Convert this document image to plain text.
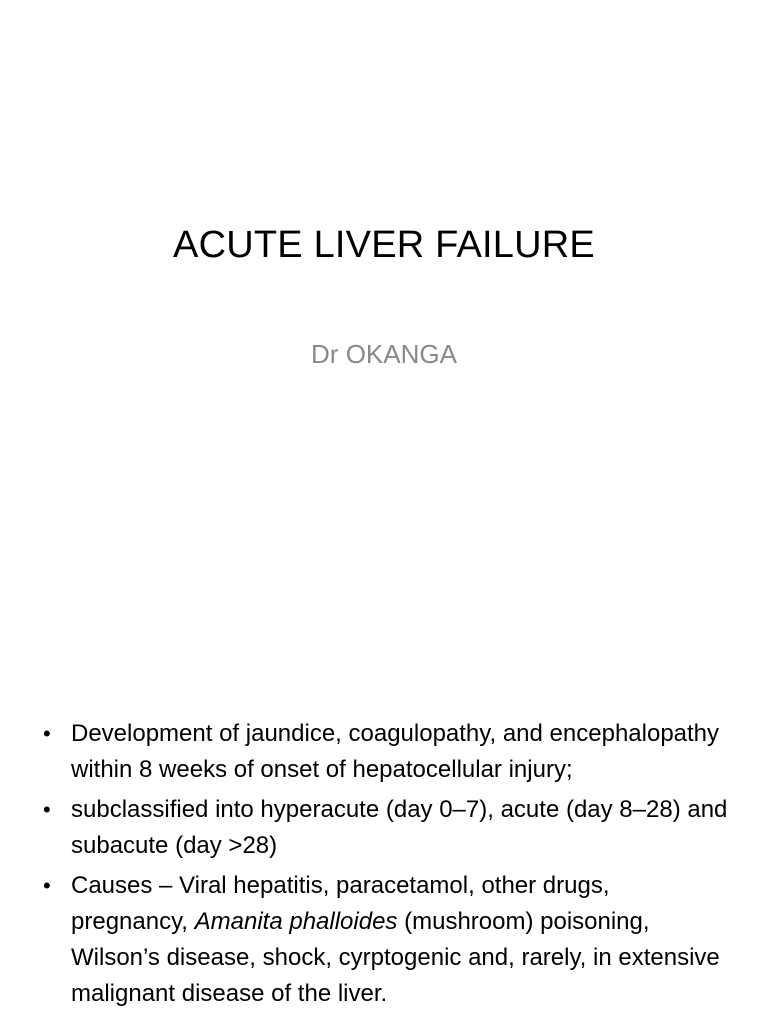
ACUTE LIVER FAILURE
Dr OKANGA
• Development of jaundice, coagulopathy, and encephalopathy within 8 weeks of onset of hepatocellular injury;
• subclassified into hyperacute (day 0–7), acute (day 8–28) and subacute (day >28)
• Causes – Viral hepatitis, paracetamol, other drugs, pregnancy, Amanita phalloides (mushroom) poisoning, Wilson’s disease, shock, cyrptogenic and, rarely, in extensive malignant disease of the liver.
